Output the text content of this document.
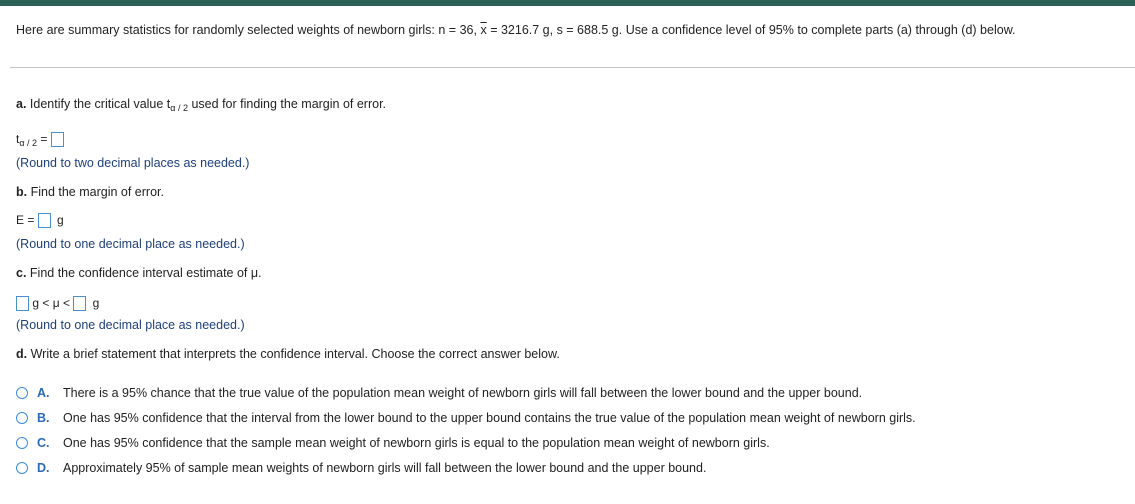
Here are summary statistics for randomly selected weights of newborn girls: n = 36, $\overline{x} = 3216.7$ g, s = 688.5 g. Use a confidence level of 95% to complete parts (a) through (d) below.
a. Identify the critical value $t_{\alpha / 2}$ used for finding the margin of error.
$t_{\alpha / 2}$ =
(Round to two decimal places as needed.)
b. Find the margin of error.
E = g
(Round to one decimal place as needed.)
c. Find the confidence interval estimate of μ.
g < μ < g
(Round to one decimal place as needed.)
d. Write a brief statement that interprets the confidence interval. Choose the correct answer below.
A.	There is a 95% chance that the true value of the population mean weight of newborn girls will fall between the lower bound and the upper bound.
B.	One has 95% confidence that the interval from the lower bound to the upper bound contains the true value of the population mean weight of newborn girls.
C.	One has 95% confidence that the sample mean weight of newborn girls is equal to the population mean weight of newborn girls.
D.	Approximately 95% of sample mean weights of newborn girls will fall between the lower bound and the upper bound.
